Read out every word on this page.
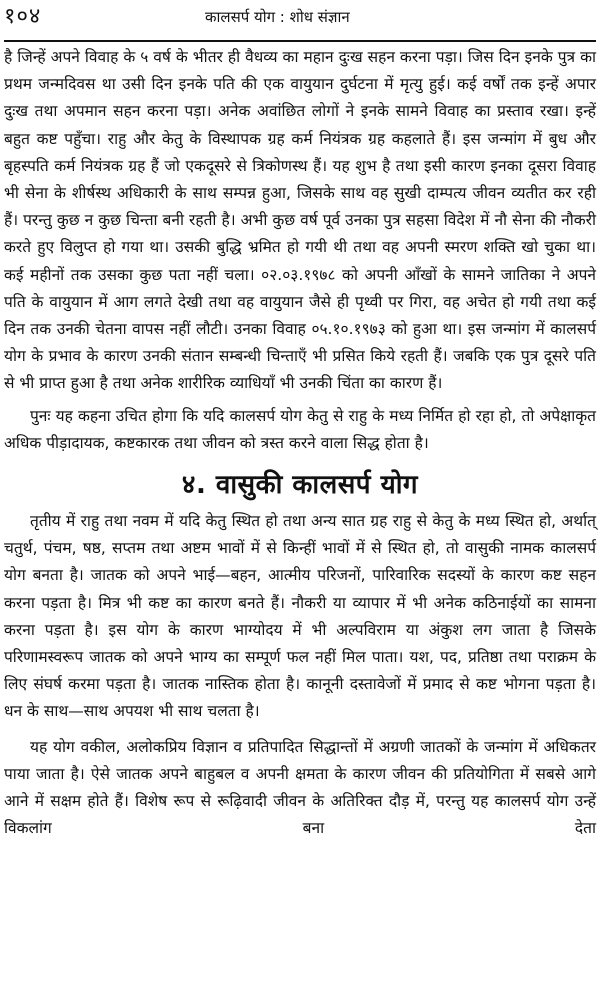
१०४	कालसर्प योग : शोध संज्ञान

है जिन्हें अपने विवाह के ५ वर्ष के भीतर ही वैधव्य का महान दुःख सहन करना पड़ा। जिस दिन इनके पुत्र का प्रथम जन्मदिवस था उसी दिन इनके पति की एक वायुयान दुर्घटना में मृत्यु हुई। कई वर्षों तक इन्हें अपार दुःख तथा अपमान सहन करना पड़ा। अनेक अवांछित लोगों ने इनके सामने विवाह का प्रस्ताव रखा। इन्हें बहुत कष्ट पहुँचा। राहु और केतु के विस्थापक ग्रह कर्म नियंत्रक ग्रह कहलाते हैं। इस जन्मांग में बुध और बृहस्पति कर्म नियंत्रक ग्रह हैं जो एकदूसरे से त्रिकोणस्थ हैं। यह शुभ है तथा इसी कारण इनका दूसरा विवाह भी सेना के शीर्षस्थ अधिकारी के साथ सम्पन्न हुआ, जिसके साथ वह सुखी दाम्पत्य जीवन व्यतीत कर रही हैं। परन्तु कुछ न कुछ चिन्ता बनी रहती है। अभी कुछ वर्ष पूर्व उनका पुत्र सहसा विदेश में नौ सेना की नौकरी करते हुए विलुप्त हो गया था। उसकी बुद्धि भ्रमित हो गयी थी तथा वह अपनी स्मरण शक्ति खो चुका था। कई महीनों तक उसका कुछ पता नहीं चला। ०२.०३.१९७८ को अपनी आँखों के सामने जातिका ने अपने पति के वायुयान में आग लगते देखी तथा वह वायुयान जैसे ही पृथ्वी पर गिरा, वह अचेत हो गयी तथा कई दिन तक उनकी चेतना वापस नहीं लौटी। उनका विवाह ०५.१०.१९७३ को हुआ था। इस जन्मांग में कालसर्प योग के प्रभाव के कारण उनकी संतान सम्बन्धी चिन्ताएँ भी प्रसित किये रहती हैं। जबकि एक पुत्र दूसरे पति से भी प्राप्त हुआ है तथा अनेक शारीरिक व्याधियाँ भी उनकी चिंता का कारण हैं।

पुनः यह कहना उचित होगा कि यदि कालसर्प योग केतु से राहु के मध्य निर्मित हो रहा हो, तो अपेक्षाकृत अधिक पीड़ादायक, कष्टकारक तथा जीवन को त्रस्त करने वाला सिद्ध होता है।

४. वासुकी कालसर्प योग

तृतीय में राहु तथा नवम में यदि केतु स्थित हो तथा अन्य सात ग्रह राहु से केतु के मध्य स्थित हो, अर्थात् चतुर्थ, पंचम, षष्ठ, सप्तम तथा अष्टम भावों में से किन्हीं भावों में से स्थित हो, तो वासुकी नामक कालसर्प योग बनता है। जातक को अपने भाई—बहन, आत्मीय परिजनों, पारिवारिक सदस्यों के कारण कष्ट सहन करना पड़ता है। मित्र भी कष्ट का कारण बनते हैं। नौकरी या व्यापार में भी अनेक कठिनाईयों का सामना करना पड़ता है। इस योग के कारण भाग्योदय में भी अल्पविराम या अंकुश लग जाता है जिसके परिणामस्वरूप जातक को अपने भाग्य का सम्पूर्ण फल नहीं मिल पाता। यश, पद, प्रतिष्ठा तथा पराक्रम के लिए संघर्ष करमा पड़ता है। जातक नास्तिक होता है। कानूनी दस्तावेजों में प्रमाद से कष्ट भोगना पड़ता है। धन के साथ—साथ अपयश भी साथ चलता है।

यह योग वकील, अलोकप्रिय विज्ञान व प्रतिपादित सिद्धान्तों में अग्रणी जातकों के जन्मांग में अधिकतर पाया जाता है। ऐसे जातक अपने बाहुबल व अपनी क्षमता के कारण जीवन की प्रतियोगिता में सबसे आगे आने में सक्षम होते हैं। विशेष रूप से रूढ़िवादी जीवन के अतिरिक्त दौड़ में, परन्तु यह कालसर्प योग उन्हें विकलांग बना देता
